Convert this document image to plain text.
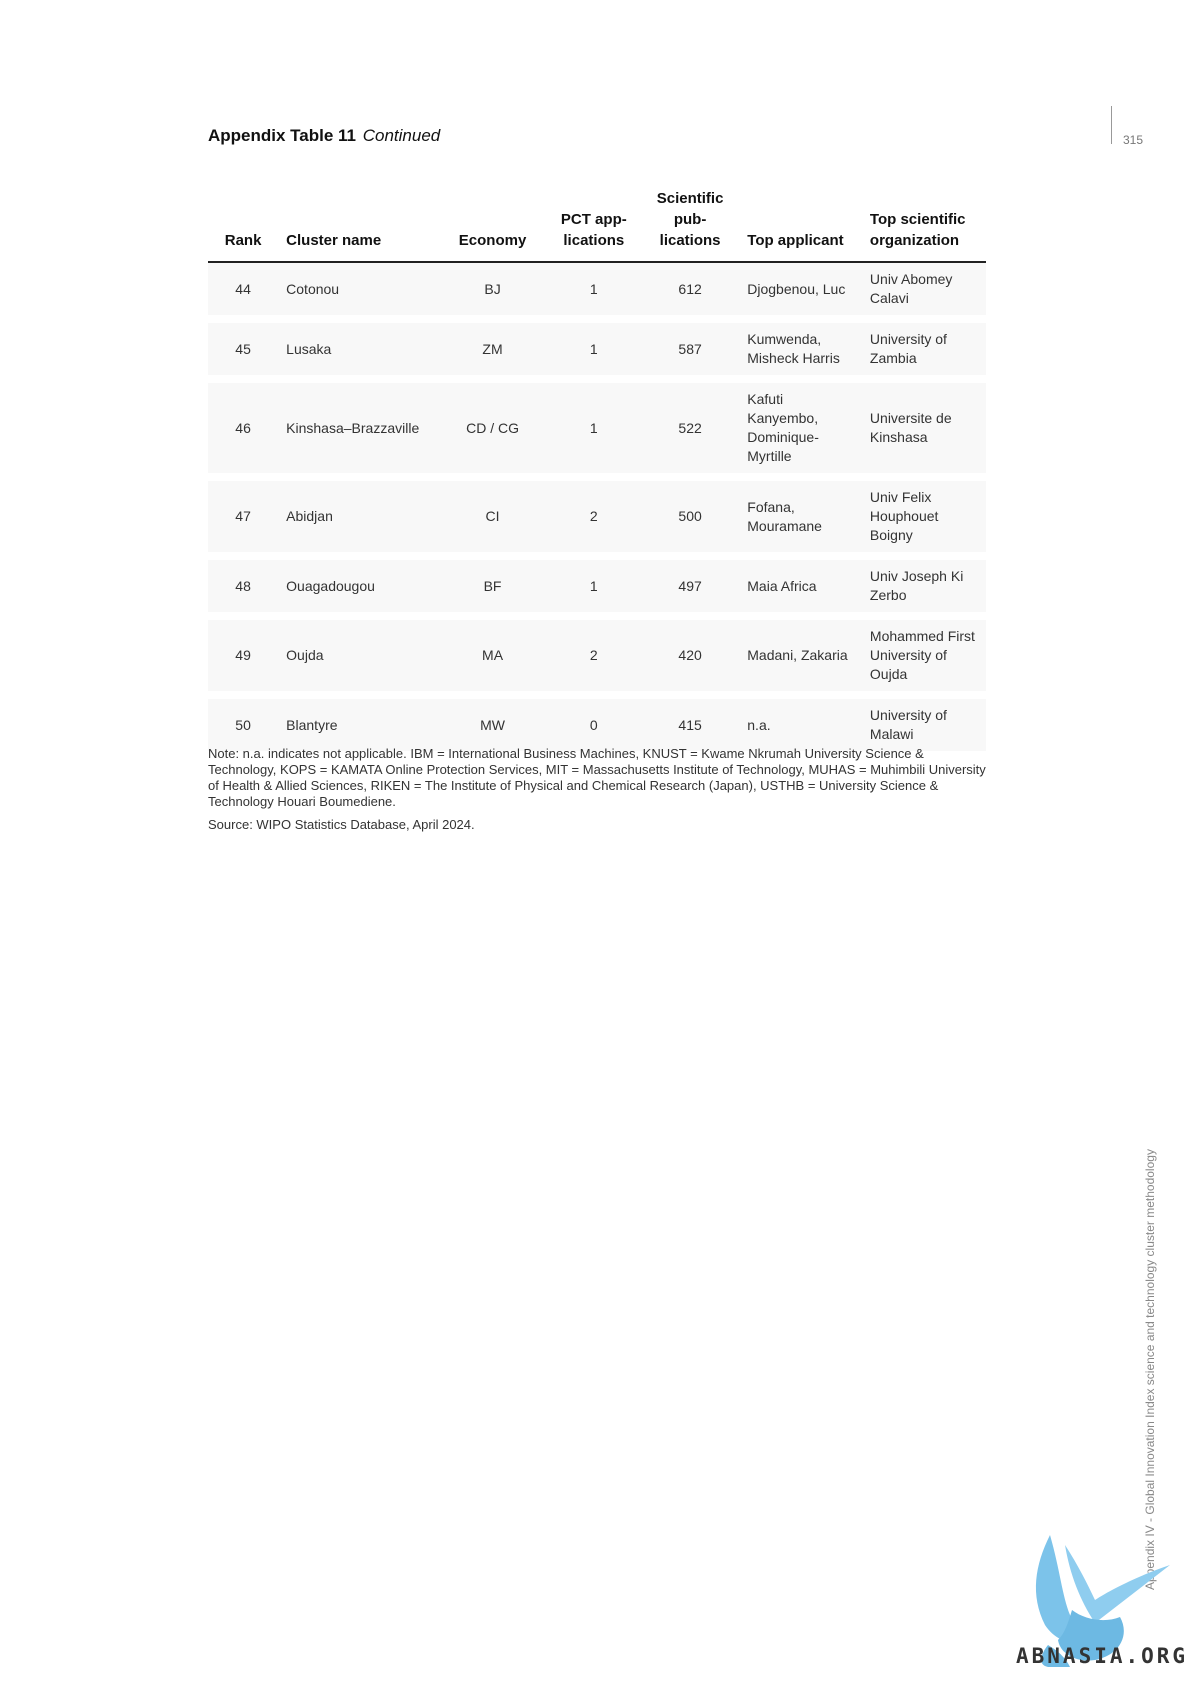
Appendix Table 11 Continued	315
Rank	Cluster name	Economy	PCT app- lications	Scientific pub- lications	Top applicant	Top scientific organization
44	Cotonou	BJ	1	612	Djogbenou, Luc	Univ Abomey Calavi
45	Lusaka	ZM	1	587	Kumwenda, Misheck Harris	University of Zambia
46	Kinshasa–Brazzaville	CD / CG	1	522	Kafuti Kanyembo, Dominique-Myrtille	Universite de Kinshasa
47	Abidjan	CI	2	500	Fofana, Mouramane	Univ Felix Houphouet Boigny
48	Ouagadougou	BF	1	497	Maia Africa	Univ Joseph Ki Zerbo
49	Oujda	MA	2	420	Madani, Zakaria	Mohammed First University of Oujda
50	Blantyre	MW	0	415	n.a.	University of Malawi
Note: n.a. indicates not applicable. IBM = International Business Machines, KNUST = Kwame Nkrumah University Science & Technology, KOPS = KAMATA Online Protection Services, MIT = Massachusetts Institute of Technology, MUHAS = Muhimbili University of Health & Allied Sciences, RIKEN = The Institute of Physical and Chemical Research (Japan), USTHB = University Science & Technology Houari Boumediene.
Source: WIPO Statistics Database, April 2024.
Appendix IV - Global Innovation Index science and technology cluster methodology
ABNASIA.ORG
